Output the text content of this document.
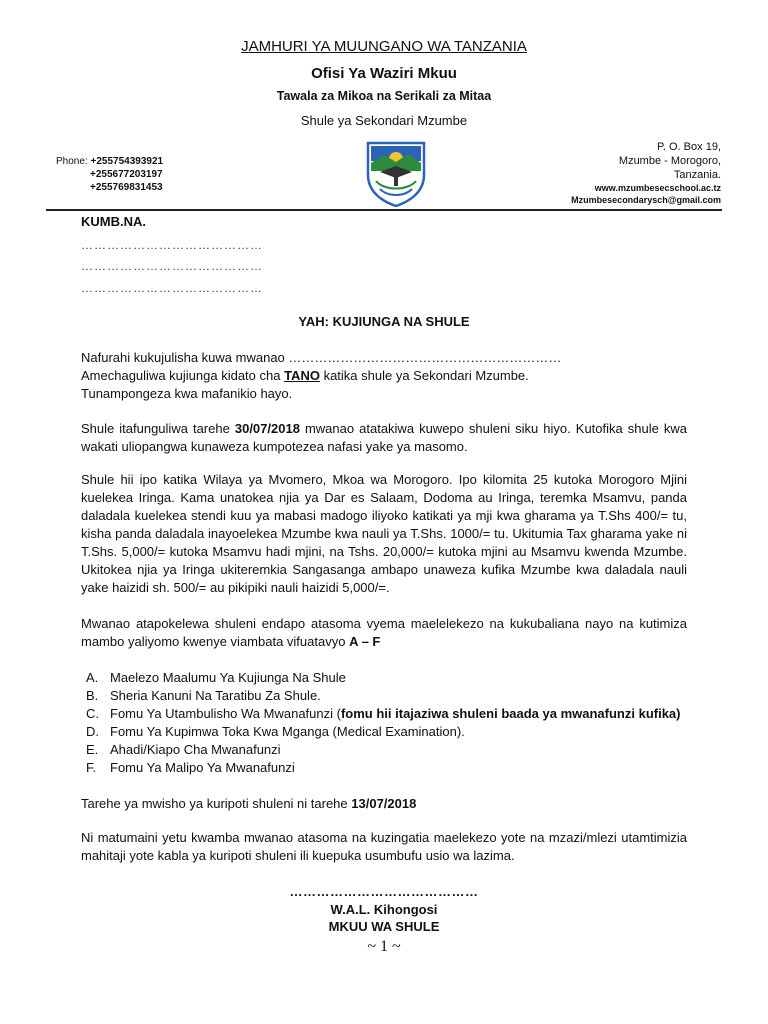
JAMHURI YA MUUNGANO WA TANZANIA
Ofisi Ya Waziri Mkuu
Tawala za Mikoa na Serikali za Mitaa
Shule ya Sekondari Mzumbe
Phone: +255754393921
+255677203197
+255769831453
P. O. Box 19,
Mzumbe - Morogoro,
Tanzania.
www.mzumbesecschool.ac.tz
Mzumbesecondarysch@gmail.com
KUMB.NA.
……………………………………
……………………………………
……………………………………
YAH: KUJIUNGA NA SHULE
Nafurahi kukujulisha kuwa mwanao ………………………………………………………
Amechaguliwa kujiunga kidato cha TANO katika shule ya Sekondari Mzumbe.
Tunampongeza kwa mafanikio hayo.
Shule itafunguliwa tarehe 30/07/2018 mwanao atatakiwa kuwepo shuleni siku hiyo. Kutofika shule kwa wakati uliopangwa kunaweza kumpotezea nafasi yake ya masomo.
Shule hii ipo katika Wilaya ya Mvomero, Mkoa wa Morogoro. Ipo kilomita 25 kutoka Morogoro Mjini kuelekea Iringa. Kama unatokea njia ya Dar es Salaam, Dodoma au Iringa, teremka Msamvu, panda daladala kuelekea stendi kuu ya mabasi madogo iliyoko katikati ya mji kwa gharama ya T.Shs 400/= tu, kisha panda daladala inayoelekea Mzumbe kwa nauli ya T.Shs. 1000/= tu. Ukitumia Tax gharama yake ni T.Shs. 5,000/= kutoka Msamvu hadi mjini, na Tshs. 20,000/= kutoka mjini au Msamvu kwenda Mzumbe. Ukitokea njia ya Iringa ukiteremkia Sangasanga ambapo unaweza kufika Mzumbe kwa daladala nauli yake haizidi sh. 500/= au pikipiki nauli haizidi 5,000/=.
Mwanao atapokelewa shuleni endapo atasoma vyema maelelekezo na kukubaliana nayo na kutimiza mambo yaliyomo kwenye viambata vifuatavyo A – F
A. Maelezo Maalumu Ya Kujiunga Na Shule
B. Sheria Kanuni Na Taratibu Za Shule.
C. Fomu Ya Utambulisho Wa Mwanafunzi (fomu hii itajaziwa shuleni baada ya mwanafunzi kufika)
D. Fomu Ya Kupimwa Toka Kwa Mganga (Medical Examination).
E. Ahadi/Kiapo Cha Mwanafunzi
F. Fomu Ya Malipo Ya Mwanafunzi
Tarehe ya mwisho ya kuripoti shuleni ni tarehe 13/07/2018
Ni matumaini yetu kwamba mwanao atasoma na kuzingatia maelekezo yote na mzazi/mlezi utamtimizia mahitaji yote kabla ya kuripoti shuleni ili kuepuka usumbufu usio wa lazima.
……………………………………
W.A.L. Kihongosi
MKUU WA SHULE
~ 1 ~
